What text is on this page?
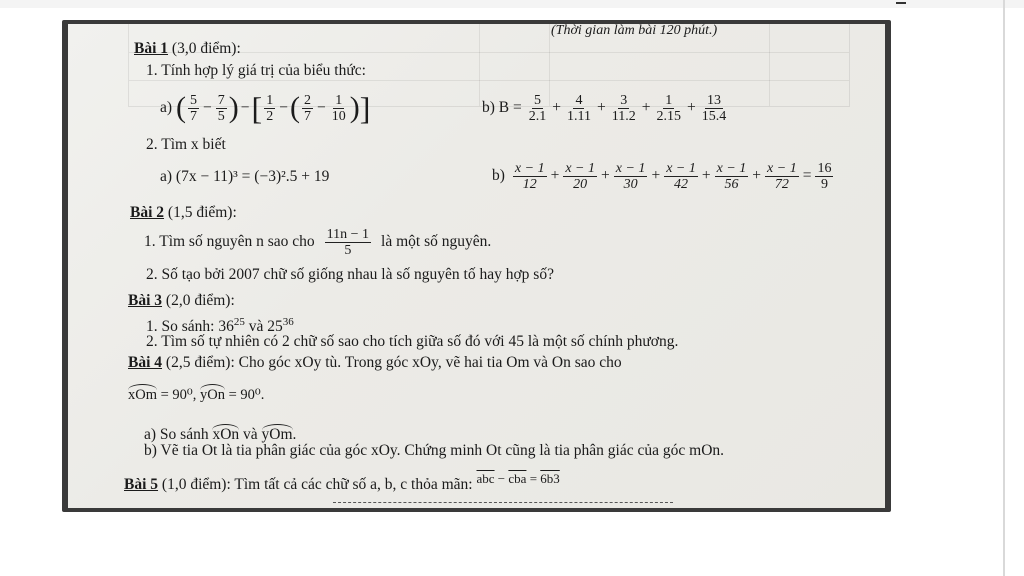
(Thời gian làm bài 120 phút.)
Bài 1 (3,0 điểm):
1. Tính hợp lý giá trị của biểu thức:
a) ( $\frac{5}{7} - \frac{7}{5}$ ) − [ $\frac{1}{2}$ − ( $\frac{2}{7} - \frac{1}{10}$ ) ]	b) $B = \frac{5}{2.1} + \frac{4}{1.11} + \frac{3}{11.2} + \frac{1}{2.15} + \frac{13}{15.4}$
2. Tìm x biết
a) (7x − 11)³ = (−3)².5 + 19	$b) \frac{x - 1}{12} + \frac{x - 1}{20} + \frac{x - 1}{30} + \frac{x - 1}{42} + \frac{x - 1}{56} + \frac{x - 1}{72} = \frac{16}{9}$
Bài 2 (1,5 điểm):
1. Tìm số nguyên n sao cho $\frac{11n - 1}{5}$ là một số nguyên.
2. Số tạo bởi 2007 chữ số giống nhau là số nguyên tố hay hợp số?
Bài 3 (2,0 điểm):
1. So sánh: $36^{25}$ và $25^{36}$
2. Tìm số tự nhiên có 2 chữ số sao cho tích giữa số đó với 45 là một số chính phương.
Bài 4 (2,5 điểm): Cho góc xOy tù. Trong góc xOy, vẽ hai tia Om và On sao cho
xOm = 90⁰, yOn = 90⁰.
a) So sánh xOn và yOm.
b) Vẽ tia Ot là tia phân giác của góc xOy. Chứng minh Ot cũng là tia phân giác của góc mOn.
Bài 5 (1,0 điểm): Tìm tất cả các chữ số a, b, c thỏa mãn: $^{\overline{abc} - \overline{cba} = 6b3}$
